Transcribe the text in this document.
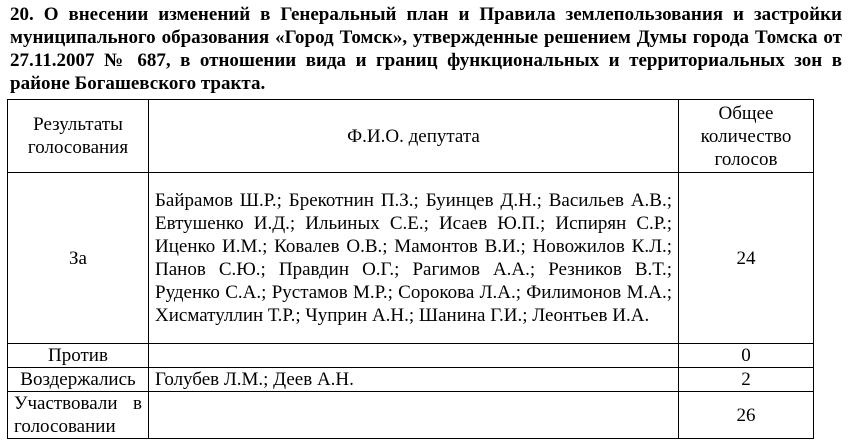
20. О внесении изменений в Генеральный план и Правила землепользования и застройки муниципального образования «Город Томск», утвержденные решением Думы города Томска от 27.11.2007 № 687, в отношении вида и границ функциональных и территориальных зон в районе Богашевского тракта.
Результаты голосования	Ф.И.О. депутата	Общее количество голосов
За	Байрамов Ш.Р.; Брекотнин П.З.; Буинцев Д.Н.; Васильев А.В.; Евтушенко И.Д.; Ильиных С.Е.; Исаев Ю.П.; Испирян С.Р.; Иценко И.М.; Ковалев О.В.; Мамонтов В.И.; Новожилов К.Л.; Панов С.Ю.; Правдин О.Г.; Рагимов А.А.; Резников В.Т.; Руденко С.А.; Рустамов М.Р.; Сорокова Л.А.; Филимонов М.А.; Хисматуллин Т.Р.; Чуприн А.Н.; Шанина Г.И.; Леонтьев И.А.	24
Против		0
Воздержались	Голубев Л.М.; Деев А.Н.	2
Участвовали в голосовании		26
